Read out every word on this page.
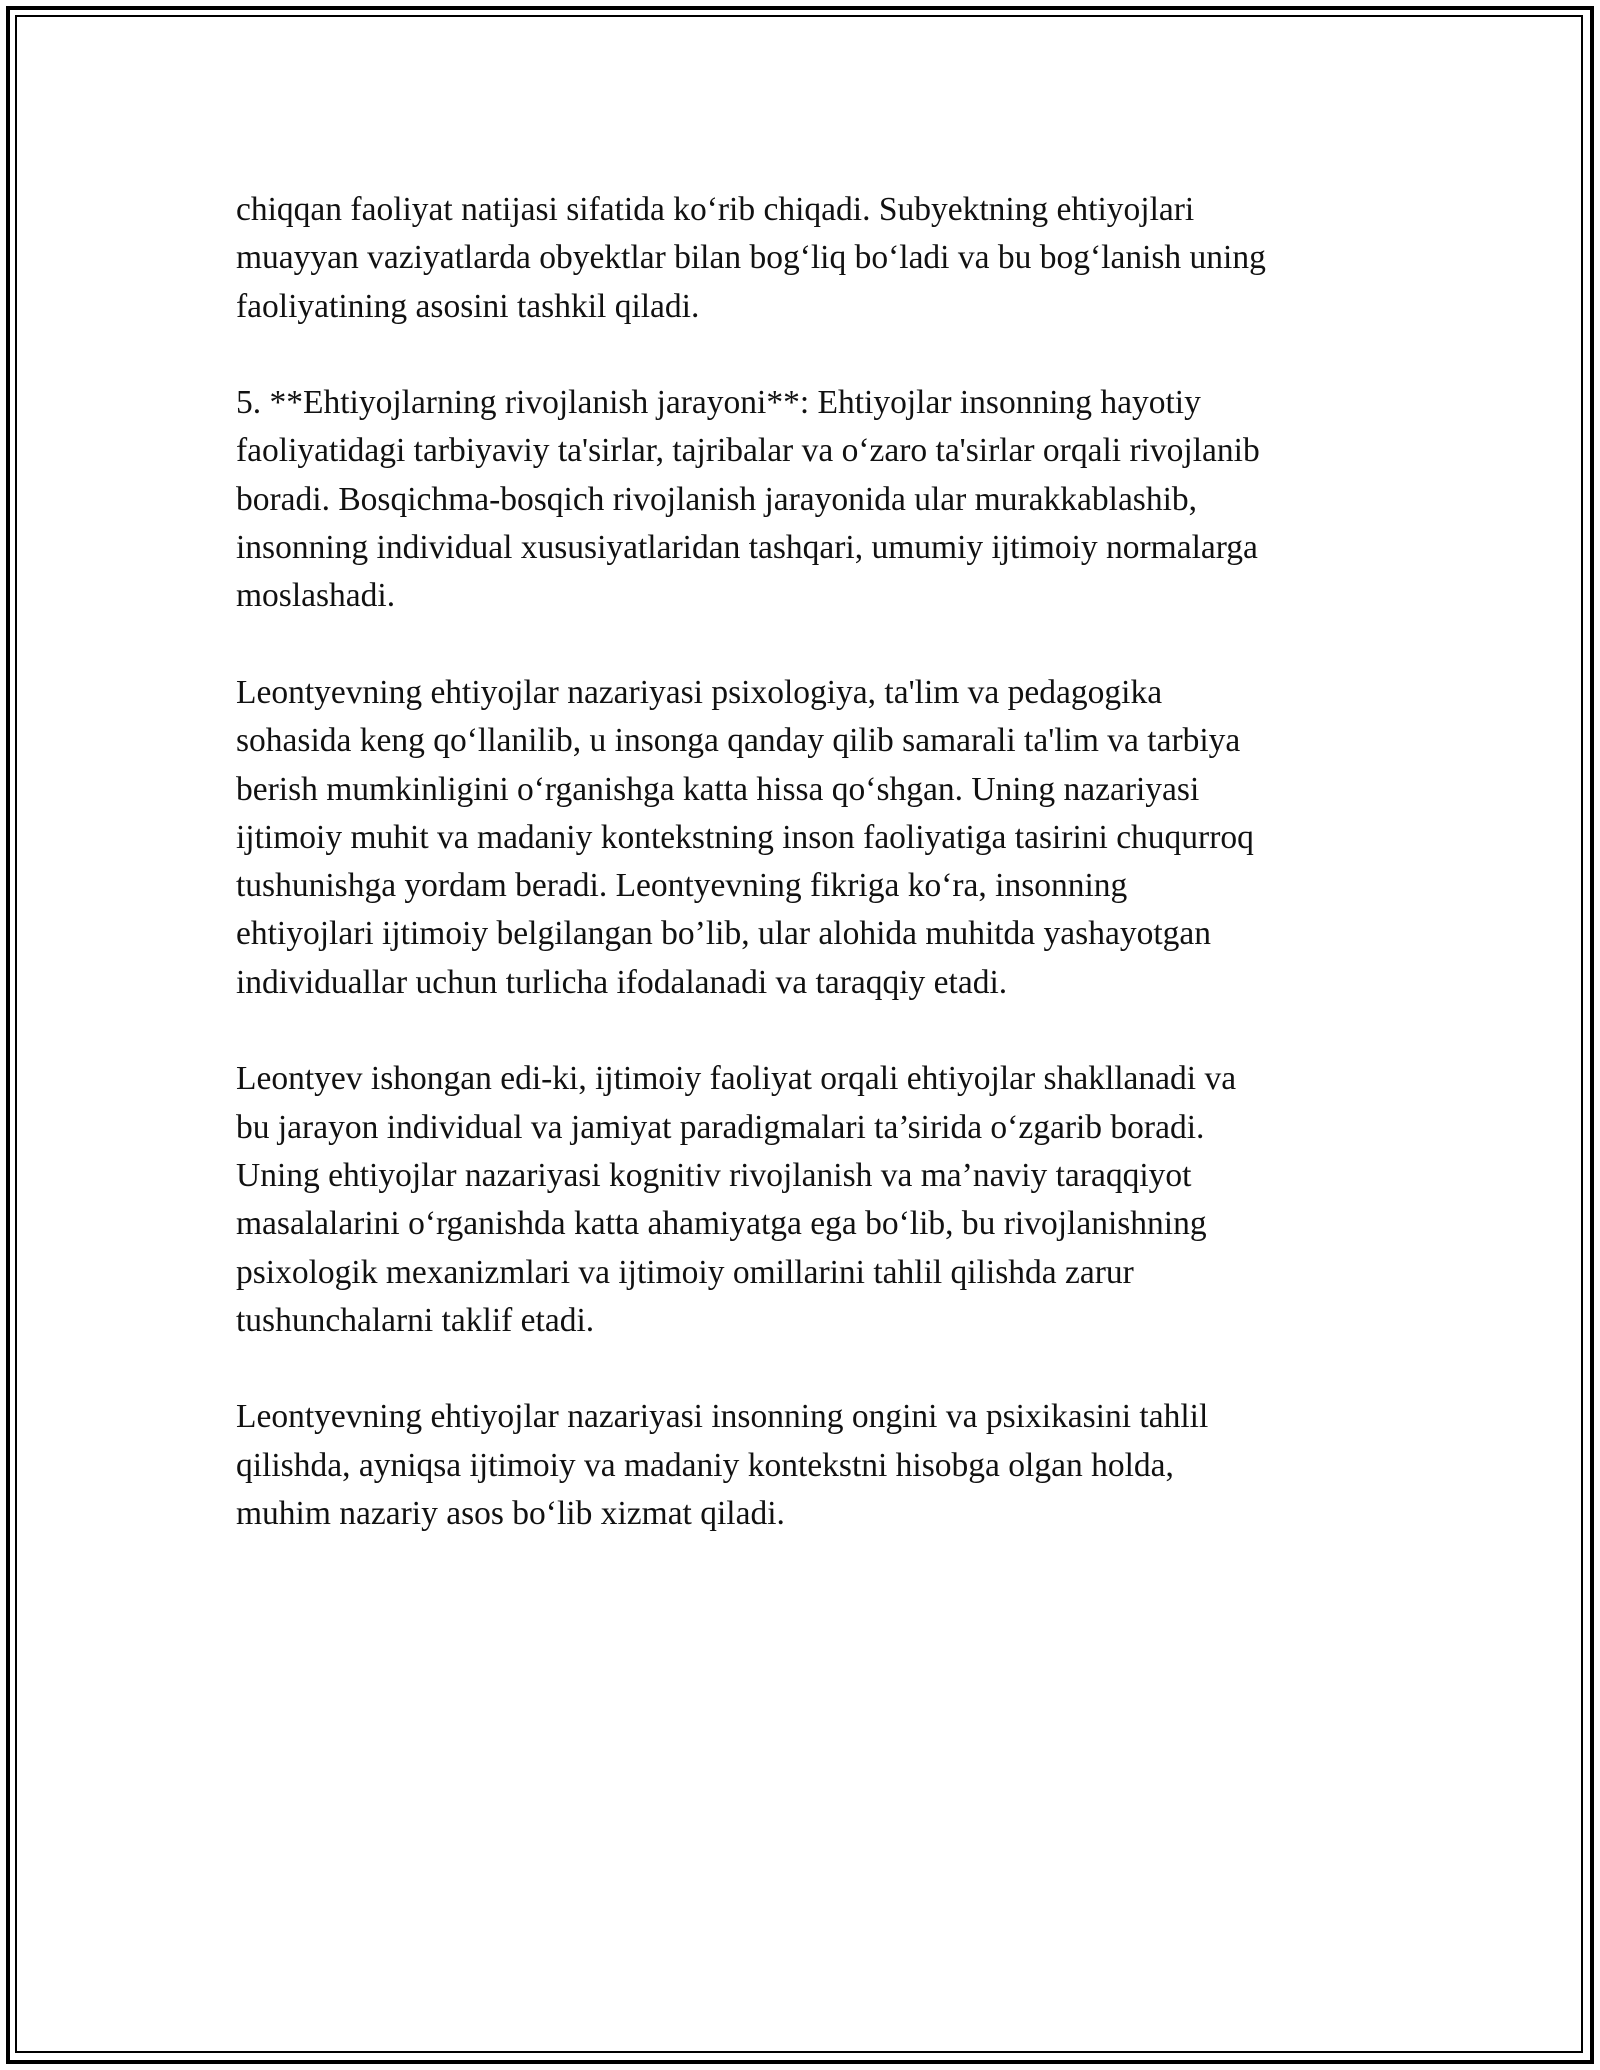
chiqqan faoliyat natijasi sifatida ko‘rib chiqadi. Subyektning ehtiyojlari
muayyan vaziyatlarda obyektlar bilan bog‘liq bo‘ladi va bu bog‘lanish uning
faoliyatining asosini tashkil qiladi.

5. **Ehtiyojlarning rivojlanish jarayoni**: Ehtiyojlar insonning hayotiy
faoliyatidagi tarbiyaviy ta'sirlar, tajribalar va o‘zaro ta'sirlar orqali rivojlanib
boradi. Bosqichma-bosqich rivojlanish jarayonida ular murakkablashib,
insonning individual xususiyatlaridan tashqari, umumiy ijtimoiy normalarga
moslashadi.

Leontyevning ehtiyojlar nazariyasi psixologiya, ta'lim va pedagogika
sohasida keng qo‘llanilib, u insonga qanday qilib samarali ta'lim va tarbiya
berish mumkinligini o‘rganishga katta hissa qo‘shgan. Uning nazariyasi
ijtimoiy muhit va madaniy kontekstning inson faoliyatiga tasirini chuqurroq
tushunishga yordam beradi. Leontyevning fikriga ko‘ra, insonning
ehtiyojlari ijtimoiy belgilangan bo’lib, ular alohida muhitda yashayotgan
individuallar uchun turlicha ifodalanadi va taraqqiy etadi.

Leontyev ishongan edi-ki, ijtimoiy faoliyat orqali ehtiyojlar shakllanadi va
bu jarayon individual va jamiyat paradigmalari ta’sirida o‘zgarib boradi.
Uning ehtiyojlar nazariyasi kognitiv rivojlanish va ma’naviy taraqqiyot
masalalarini o‘rganishda katta ahamiyatga ega bo‘lib, bu rivojlanishning
psixologik mexanizmlari va ijtimoiy omillarini tahlil qilishda zarur
tushunchalarni taklif etadi.

Leontyevning ehtiyojlar nazariyasi insonning ongini va psixikasini tahlil
qilishda, ayniqsa ijtimoiy va madaniy kontekstni hisobga olgan holda,
muhim nazariy asos bo‘lib xizmat qiladi.
